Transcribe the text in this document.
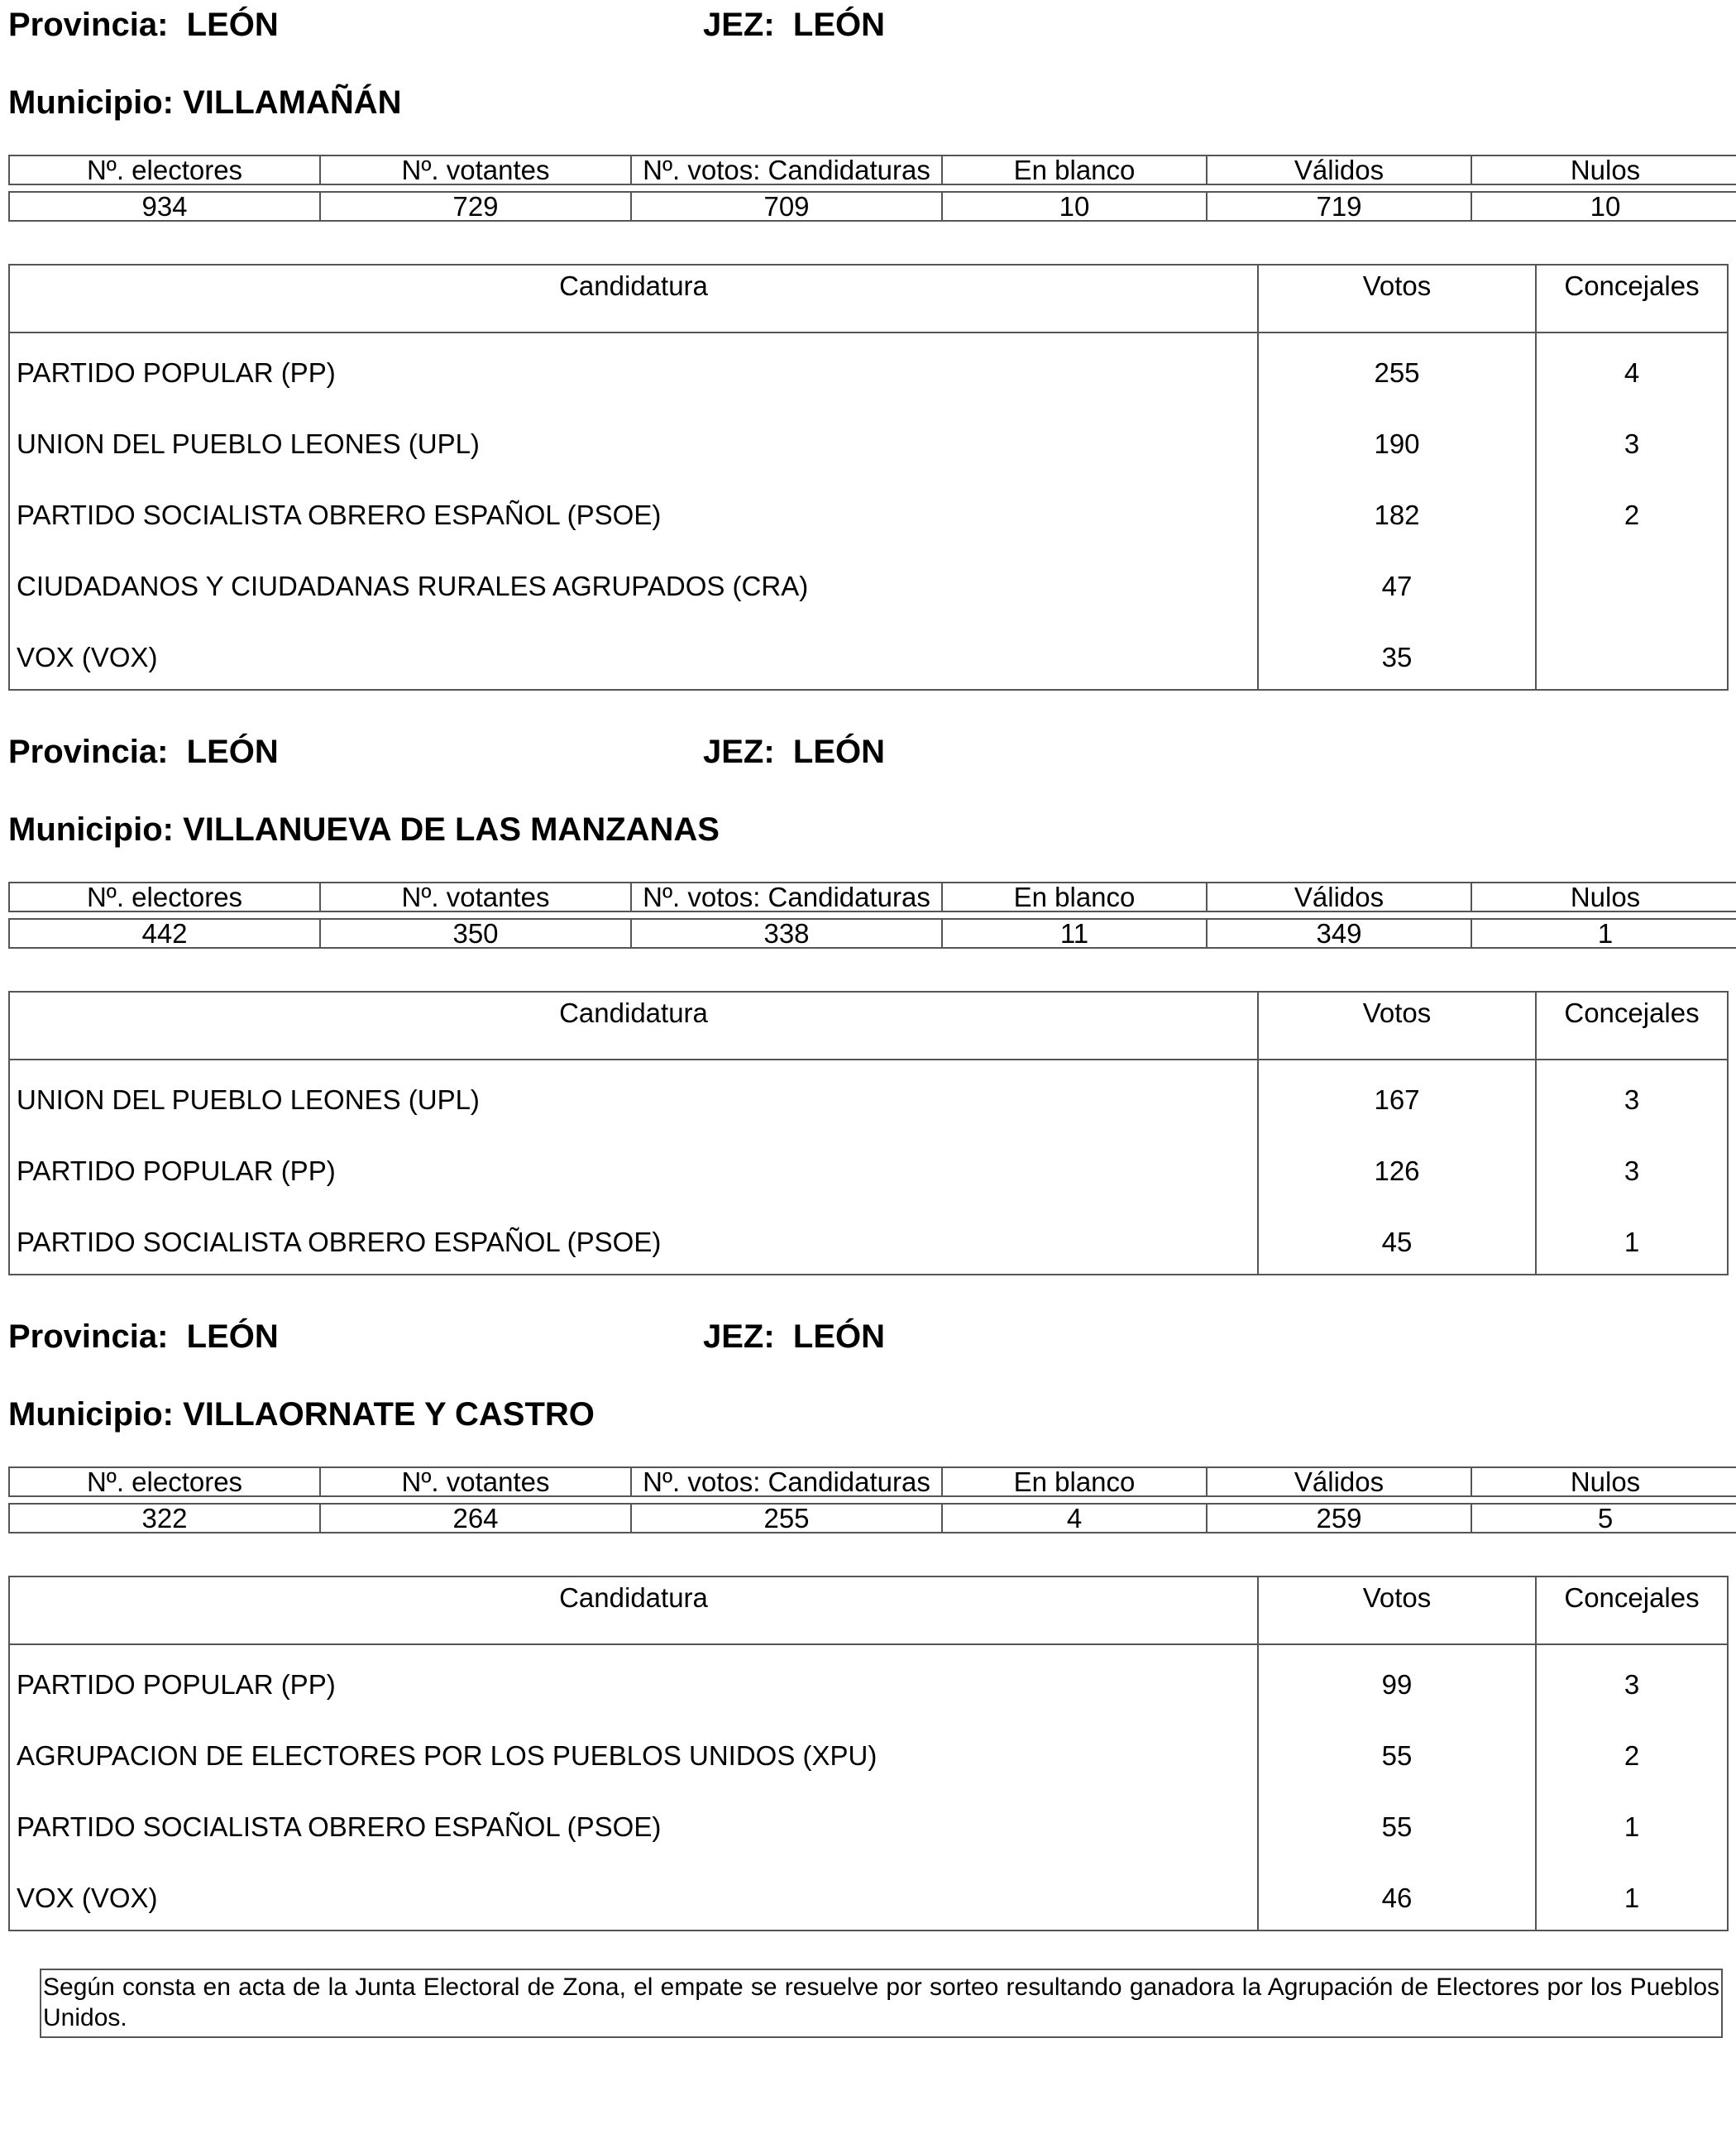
Provincia: LEÓN	JEZ: LEÓN
Municipio: VILLAMAÑÁN
Nº. electores	Nº. votantes	Nº. votos: Candidaturas	En blanco	Válidos	Nulos

934	729	709	10	719	10
Candidatura	Votos	Concejales
PARTIDO POPULAR (PP)	255	4
UNION DEL PUEBLO LEONES (UPL)	190	3
PARTIDO SOCIALISTA OBRERO ESPAÑOL (PSOE)	182	2
CIUDADANOS Y CIUDADANAS RURALES AGRUPADOS (CRA)	47
VOX (VOX)	35
Provincia: LEÓN	JEZ: LEÓN
Municipio: VILLANUEVA DE LAS MANZANAS
Nº. electores	Nº. votantes	Nº. votos: Candidaturas	En blanco	Válidos	Nulos

442	350	338	11	349	1
Candidatura	Votos	Concejales
UNION DEL PUEBLO LEONES (UPL)	167	3
PARTIDO POPULAR (PP)	126	3
PARTIDO SOCIALISTA OBRERO ESPAÑOL (PSOE)	45	1
Provincia: LEÓN	JEZ: LEÓN
Municipio: VILLAORNATE Y CASTRO
Nº. electores	Nº. votantes	Nº. votos: Candidaturas	En blanco	Válidos	Nulos

322	264	255	4	259	5
Candidatura	Votos	Concejales
PARTIDO POPULAR (PP)	99	3
AGRUPACION DE ELECTORES POR LOS PUEBLOS UNIDOS (XPU)	55	2
PARTIDO SOCIALISTA OBRERO ESPAÑOL (PSOE)	55	1
VOX (VOX)	46	1
Según consta en acta de la Junta Electoral de Zona, el empate se resuelve por sorteo resultando ganadora la Agrupación de Electores por los Pueblos Unidos.
